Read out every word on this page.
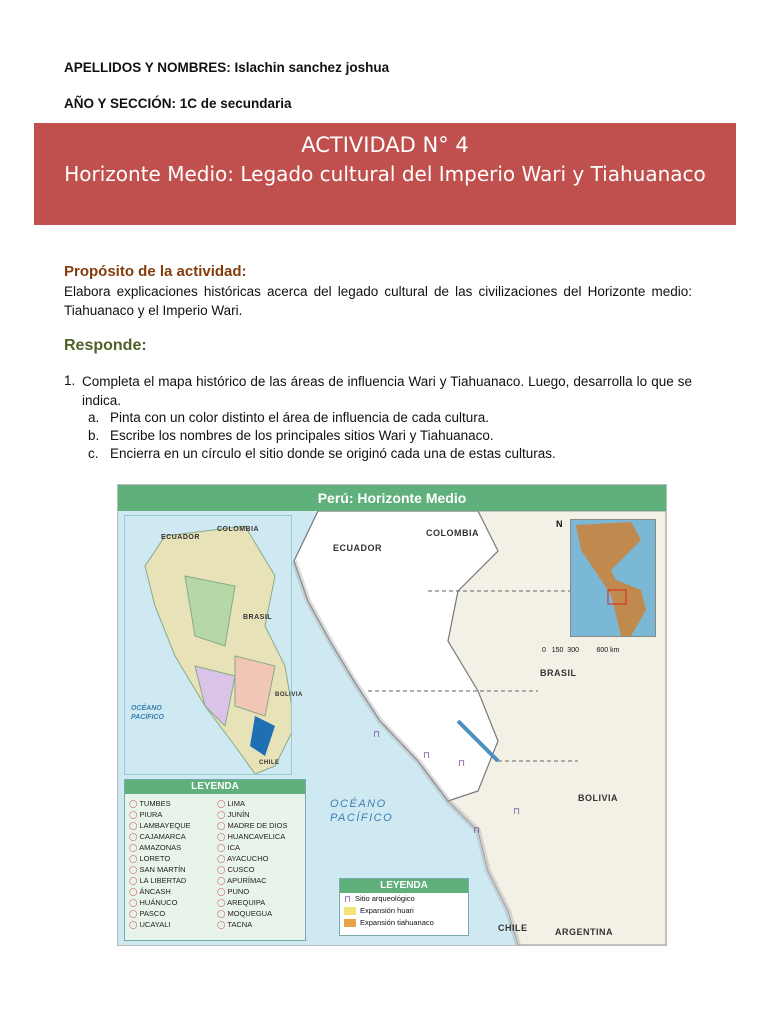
APELLIDOS Y NOMBRES: Islachin sanchez joshua
AÑO Y SECCIÓN: 1C de secundaria
ACTIVIDAD N° 4
Horizonte Medio: Legado cultural del Imperio Wari y Tiahuanaco
Propósito de la actividad:
Elabora explicaciones históricas acerca del legado cultural de las civilizaciones del Horizonte medio: Tiahuanaco y el Imperio Wari.
Responde:
1. Completa el mapa histórico de las áreas de influencia Wari y Tiahuanaco. Luego, desarrolla lo que se indica.
a. Pinta con un color distinto el área de influencia de cada cultura.
b. Escribe los nombres de los principales sitios Wari y Tiahuanaco.
c. Encierra en un círculo el sitio donde se originó cada una de estas culturas.
Perú: Horizonte Medio
ECUADOR
COLOMBIA
BRASIL
BOLIVIA
CHILE	ARGENTINA
OCÉANO
PACÍFICO
⊓
⊓
⊓
⊓
⊓
ECUADOR
COLOMBIA
BRASIL
BOLIVIA
CHILE
OCÉANO
PACÍFICO
LEYENDA
◯ TUMBES
◯ PIURA
◯ LAMBAYEQUE
◯ CAJAMARCA
◯ AMAZONAS
◯ LORETO
◯ SAN MARTÍN
◯ LA LIBERTAD
◯ ÁNCASH
◯ HUÁNUCO
◯ PASCO
◯ UCAYALI
◯ LIMA
◯ JUNÍN
◯ MADRE DE DIOS
◯ HUANCAVELICA
◯ ICA
◯ AYACUCHO
◯ CUSCO
◯ APURÍMAC
◯ PUNO
◯ AREQUIPA
◯ MOQUEGUA
◯ TACNA
LEYENDA
⊓ Sitio arqueológico
Expansión huari
Expansión tiahuanaco
N
0   150  300         600 km
